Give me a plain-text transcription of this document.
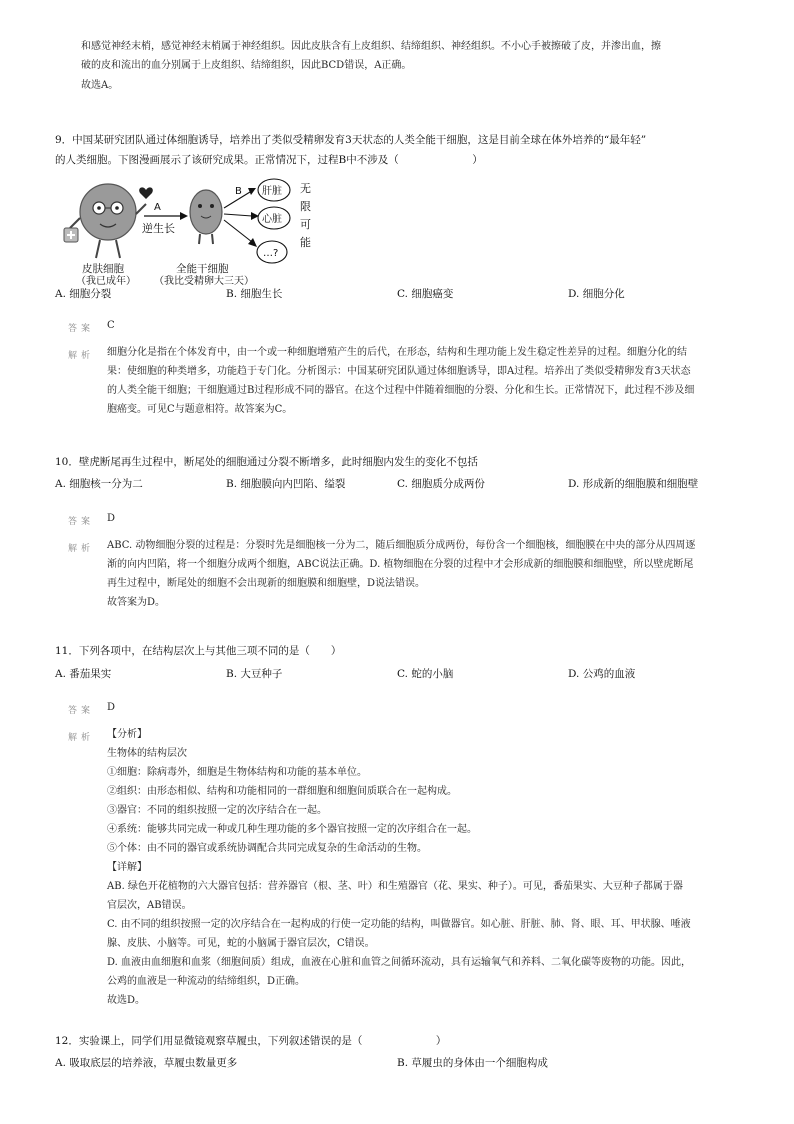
和感觉神经末梢，感觉神经末梢属于神经组织。因此皮肤含有上皮组织、结缔组织、神经组织。不小心手被擦破了皮，并渗出血，擦
破的皮和流出的血分别属于上皮组织、结缔组织，因此BCD错误，A正确。
故选A。
9．中国某研究团队通过体细胞诱导，培养出了类似受精卵发育3天状态的人类全能干细胞，这是目前全球在体外培养的“最年轻”
的人类细胞。下图漫画展示了该研究成果。正常情况下，过程B中不涉及（　　　　　　　）
A
逆生长
B 肝脏
心脏
…?
无
限
可
能
皮肤细胞
（我已成年）
全能干细胞
（我比受精卵大三天）
A. 细胞分裂	B. 细胞生长	C. 细胞癌变	D. 细胞分化
答案 C
解析 细胞分化是指在个体发育中，由一个或一种细胞增殖产生的后代，在形态，结构和生理功能上发生稳定性差异的过程。细胞分化的结
果：使细胞的种类增多，功能趋于专门化。分析图示：中国某研究团队通过体细胞诱导，即A过程。培养出了类似受精卵发育3天状态
的人类全能干细胞；干细胞通过B过程形成不同的器官。在这个过程中伴随着细胞的分裂、分化和生长。正常情况下，此过程不涉及细
胞癌变。可见C与题意相符。故答案为C。
10．壁虎断尾再生过程中，断尾处的细胞通过分裂不断增多，此时细胞内发生的变化不包括
A. 细胞核一分为二	B. 细胞膜向内凹陷、缢裂	C. 细胞质分成两份	D. 形成新的细胞膜和细胞壁
答案 D
解析 ABC. 动物细胞分裂的过程是：分裂时先是细胞核一分为二，随后细胞质分成两份，每份含一个细胞核，细胞膜在中央的部分从四周逐
渐的向内凹陷，将一个细胞分成两个细胞，ABC说法正确。D. 植物细胞在分裂的过程中才会形成新的细胞膜和细胞壁，所以壁虎断尾
再生过程中，断尾处的细胞不会出现新的细胞膜和细胞壁，D说法错误。
故答案为D。
11．下列各项中，在结构层次上与其他三项不同的是（　　）
A. 番茄果实	B. 大豆种子	C. 蛇的小脑	D. 公鸡的血液
答案 D
解析 【分析】
生物体的结构层次
①细胞：除病毒外，细胞是生物体结构和功能的基本单位。
②组织：由形态相似、结构和功能相同的一群细胞和细胞间质联合在一起构成。
③器官：不同的组织按照一定的次序结合在一起。
④系统：能够共同完成一种或几种生理功能的多个器官按照一定的次序组合在一起。
⑤个体：由不同的器官或系统协调配合共同完成复杂的生命活动的生物。
【详解】
AB. 绿色开花植物的六大器官包括：营养器官（根、茎、叶）和生殖器官（花、果实、种子）。可见，番茄果实、大豆种子都属于器
官层次，AB错误。
C. 由不同的组织按照一定的次序结合在一起构成的行使一定功能的结构，叫做器官。如心脏、肝脏、肺、肾、眼、耳、甲状腺、唾液
腺、皮肤、小脑等。可见，蛇的小脑属于器官层次，C错误。
D. 血液由血细胞和血浆（细胞间质）组成，血液在心脏和血管之间循环流动，具有运输氧气和养料、二氧化碳等废物的功能。因此，
公鸡的血液是一种流动的结缔组织，D正确。
故选D。
12．实验课上，同学们用显微镜观察草履虫，下列叙述错误的是（　　　　　　　）
A. 吸取底层的培养液，草履虫数量更多	B. 草履虫的身体由一个细胞构成
